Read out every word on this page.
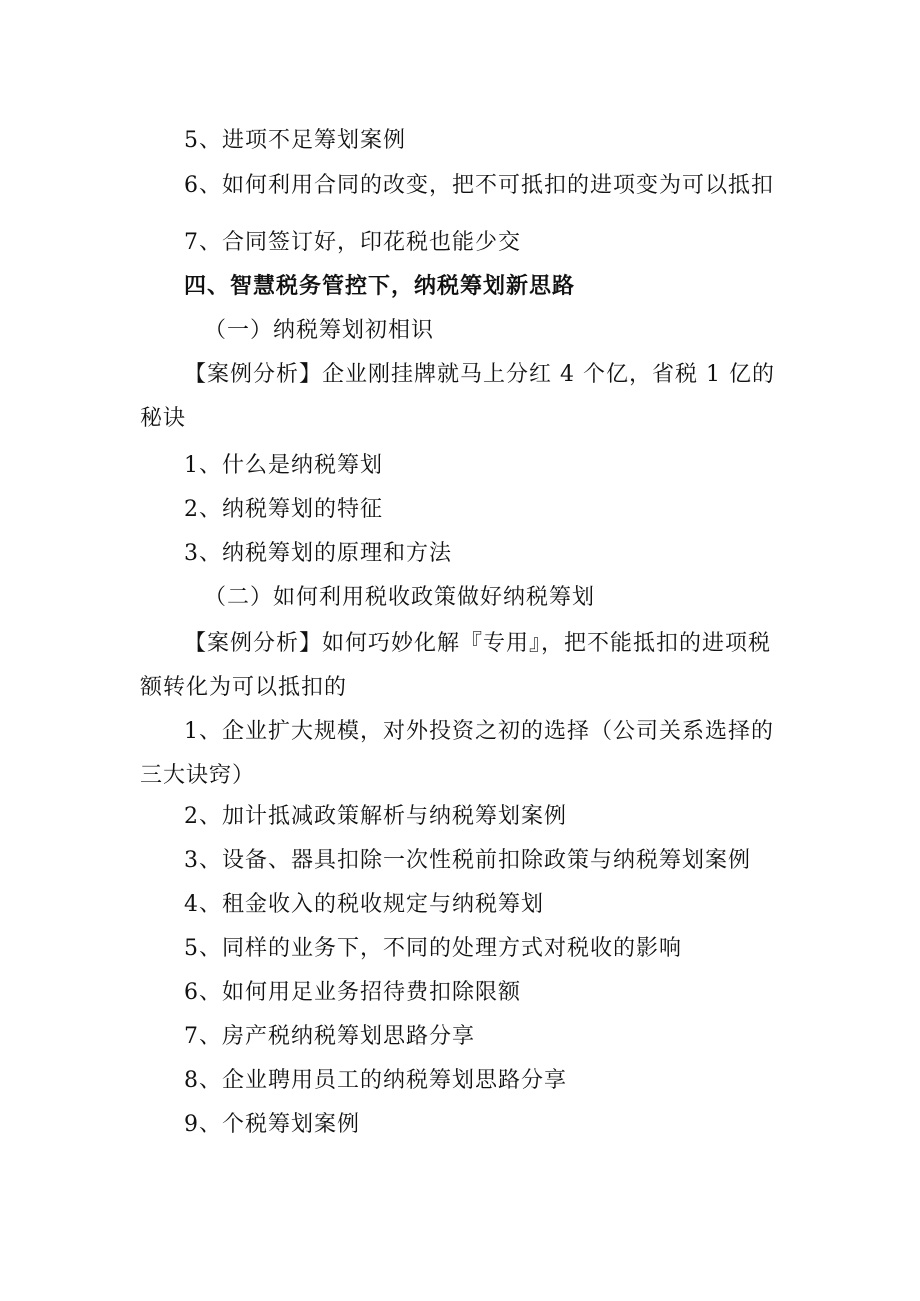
5、进项不足筹划案例
6、如何利用合同的改变，把不可抵扣的进项变为可以抵扣
7、合同签订好，印花税也能少交
四、智慧税务管控下，纳税筹划新思路
（一）纳税筹划初相识
【案例分析】企业刚挂牌就马上分红 4 个亿，省税 1 亿的秘诀
1、什么是纳税筹划
2、纳税筹划的特征
3、纳税筹划的原理和方法
（二）如何利用税收政策做好纳税筹划
【案例分析】如何巧妙化解『专用』，把不能抵扣的进项税额转化为可以抵扣的
1、企业扩大规模，对外投资之初的选择（公司关系选择的三大诀窍）
2、加计抵减政策解析与纳税筹划案例
3、设备、器具扣除一次性税前扣除政策与纳税筹划案例
4、租金收入的税收规定与纳税筹划
5、同样的业务下，不同的处理方式对税收的影响
6、如何用足业务招待费扣除限额
7、房产税纳税筹划思路分享
8、企业聘用员工的纳税筹划思路分享
9、个税筹划案例
